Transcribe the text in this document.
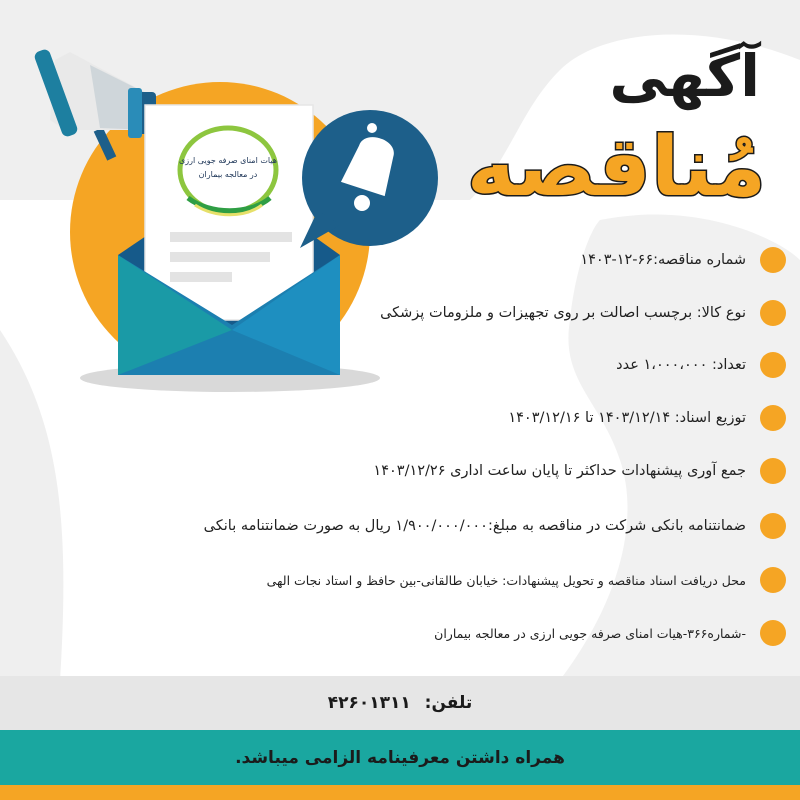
هیات امنای صرفه جویی ارزی
در معالجه بیماران
آگهی
مُناقصه
شماره مناقصه:۶۶-۱۲-۱۴۰۳
نوع کالا: برچسب اصالت بر روی تجهیزات و ملزومات پزشکی
تعداد: ۱،۰۰۰،۰۰۰ عدد
توزیع اسناد: ۱۴۰۳/۱۲/۱۴ تا ۱۴۰۳/۱۲/۱۶
جمع آوری پیشنهادات حداکثر تا پایان ساعت اداری ۱۴۰۳/۱۲/۲۶
ضمانتنامه بانکی شرکت در مناقصه به مبلغ:۱/۹۰۰/۰۰۰/۰۰۰ ریال به صورت ضمانتنامه بانکی
محل دریافت اسناد مناقصه و تحویل پیشنهادات: خیابان طالقانی-بین حافظ و استاد نجات الهی
-شماره۳۶۶-هیات امنای صرفه جویی ارزی در معالجه بیماران
تلفن: ۴۲۶۰۱۳۱۱
همراه داشتن معرفینامه الزامی میباشد.
